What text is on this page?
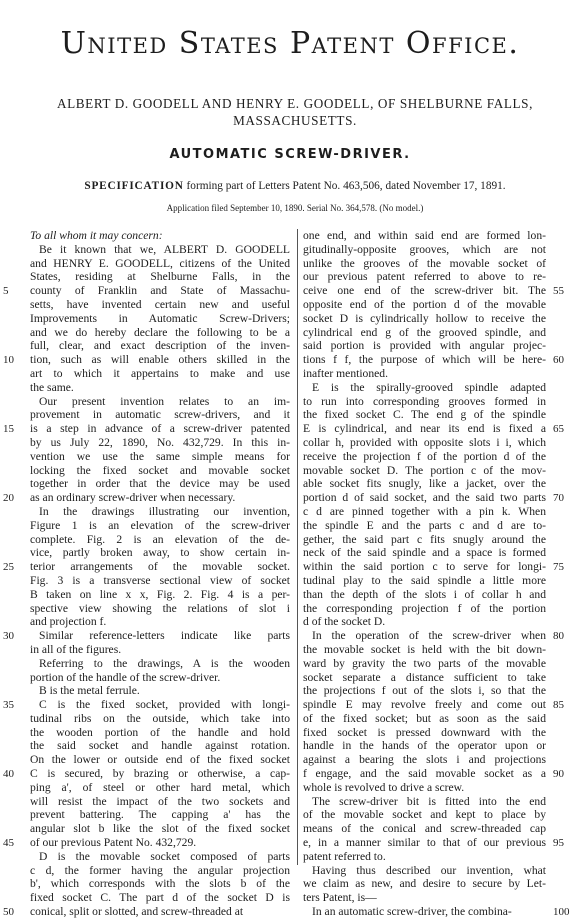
United States Patent Office.
ALBERT D. GOODELL AND HENRY E. GOODELL, OF SHELBURNE FALLS,
MASSACHUSETTS.
AUTOMATIC SCREW-DRIVER.
SPECIFICATION forming part of Letters Patent No. 463,506, dated November 17, 1891.
Application filed September 10, 1890. Serial No. 364,578. (No model.)
To all whom it may concern:
Be it known that we, ALBERT D. GOODELL
and HENRY E. GOODELL, citizens of the United
States, residing at Shelburne Falls, in the
county of Franklin and State of Massachu-
setts, have invented certain new and useful
Improvements in Automatic Screw-Drivers;
and we do hereby declare the following to be a
full, clear, and exact description of the inven-
tion, such as will enable others skilled in the
art to which it appertains to make and use
the same.
Our present invention relates to an im-
provement in automatic screw-drivers, and it
is a step in advance of a screw-driver patented
by us July 22, 1890, No. 432,729. In this in-
vention we use the same simple means for
locking the fixed socket and movable socket
together in order that the device may be used
as an ordinary screw-driver when necessary.
In the drawings illustrating our invention,
Figure 1 is an elevation of the screw-driver
complete. Fig. 2 is an elevation of the de-
vice, partly broken away, to show certain in-
terior arrangements of the movable socket.
Fig. 3 is a transverse sectional view of socket
B taken on line x x, Fig. 2. Fig. 4 is a per-
spective view showing the relations of slot i
and projection f.
Similar reference-letters indicate like parts
in all of the figures.
Referring to the drawings, A is the wooden
portion of the handle of the screw-driver.
B is the metal ferrule.
C is the fixed socket, provided with longi-
tudinal ribs on the outside, which take into
the wooden portion of the handle and hold
the said socket and handle against rotation.
On the lower or outside end of the fixed socket
C is secured, by brazing or otherwise, a cap-
ping a', of steel or other hard metal, which
will resist the impact of the two sockets and
prevent battering. The capping a' has the
angular slot b like the slot of the fixed socket
of our previous Patent No. 432,729.
D is the movable socket composed of parts
c d, the former having the angular projection
b', which corresponds with the slots b of the
fixed socket C. The part d of the socket D is
conical, split or slotted, and screw-threaded at
one end, and within said end are formed lon-
gitudinally-opposite grooves, which are not
unlike the grooves of the movable socket of
our previous patent referred to above to re-
ceive one end of the screw-driver bit. The
opposite end of the portion d of the movable
socket D is cylindrically hollow to receive the
cylindrical end g of the grooved spindle, and
said portion is provided with angular projec-
tions f f, the purpose of which will be here-
inafter mentioned.
E is the spirally-grooved spindle adapted
to run into corresponding grooves formed in
the fixed socket C. The end g of the spindle
E is cylindrical, and near its end is fixed a
collar h, provided with opposite slots i i, which
receive the projection f of the portion d of the
movable socket D. The portion c of the mov-
able socket fits snugly, like a jacket, over the
portion d of said socket, and the said two parts
c d are pinned together with a pin k. When
the spindle E and the parts c and d are to-
gether, the said part c fits snugly around the
neck of the said spindle and a space is formed
within the said portion c to serve for longi-
tudinal play to the said spindle a little more
than the depth of the slots i of collar h and
the corresponding projection f of the portion
d of the socket D.
In the operation of the screw-driver when
the movable socket is held with the bit down-
ward by gravity the two parts of the movable
socket separate a distance sufficient to take
the projections f out of the slots i, so that the
spindle E may revolve freely and come out
of the fixed socket; but as soon as the said
fixed socket is pressed downward with the
handle in the hands of the operator upon or
against a bearing the slots i and projections
f engage, and the said movable socket as a
whole is revolved to drive a screw.
The screw-driver bit is fitted into the end
of the movable socket and kept to place by
means of the conical and screw-threaded cap
e, in a manner similar to that of our previous
patent referred to.
Having thus described our invention, what
we claim as new, and desire to secure by Let-
ters Patent, is—
In an automatic screw-driver, the combina-
5
10
15
20
25
30
35
40
45
50
55
60
65
70
75
80
85
90
95
100
